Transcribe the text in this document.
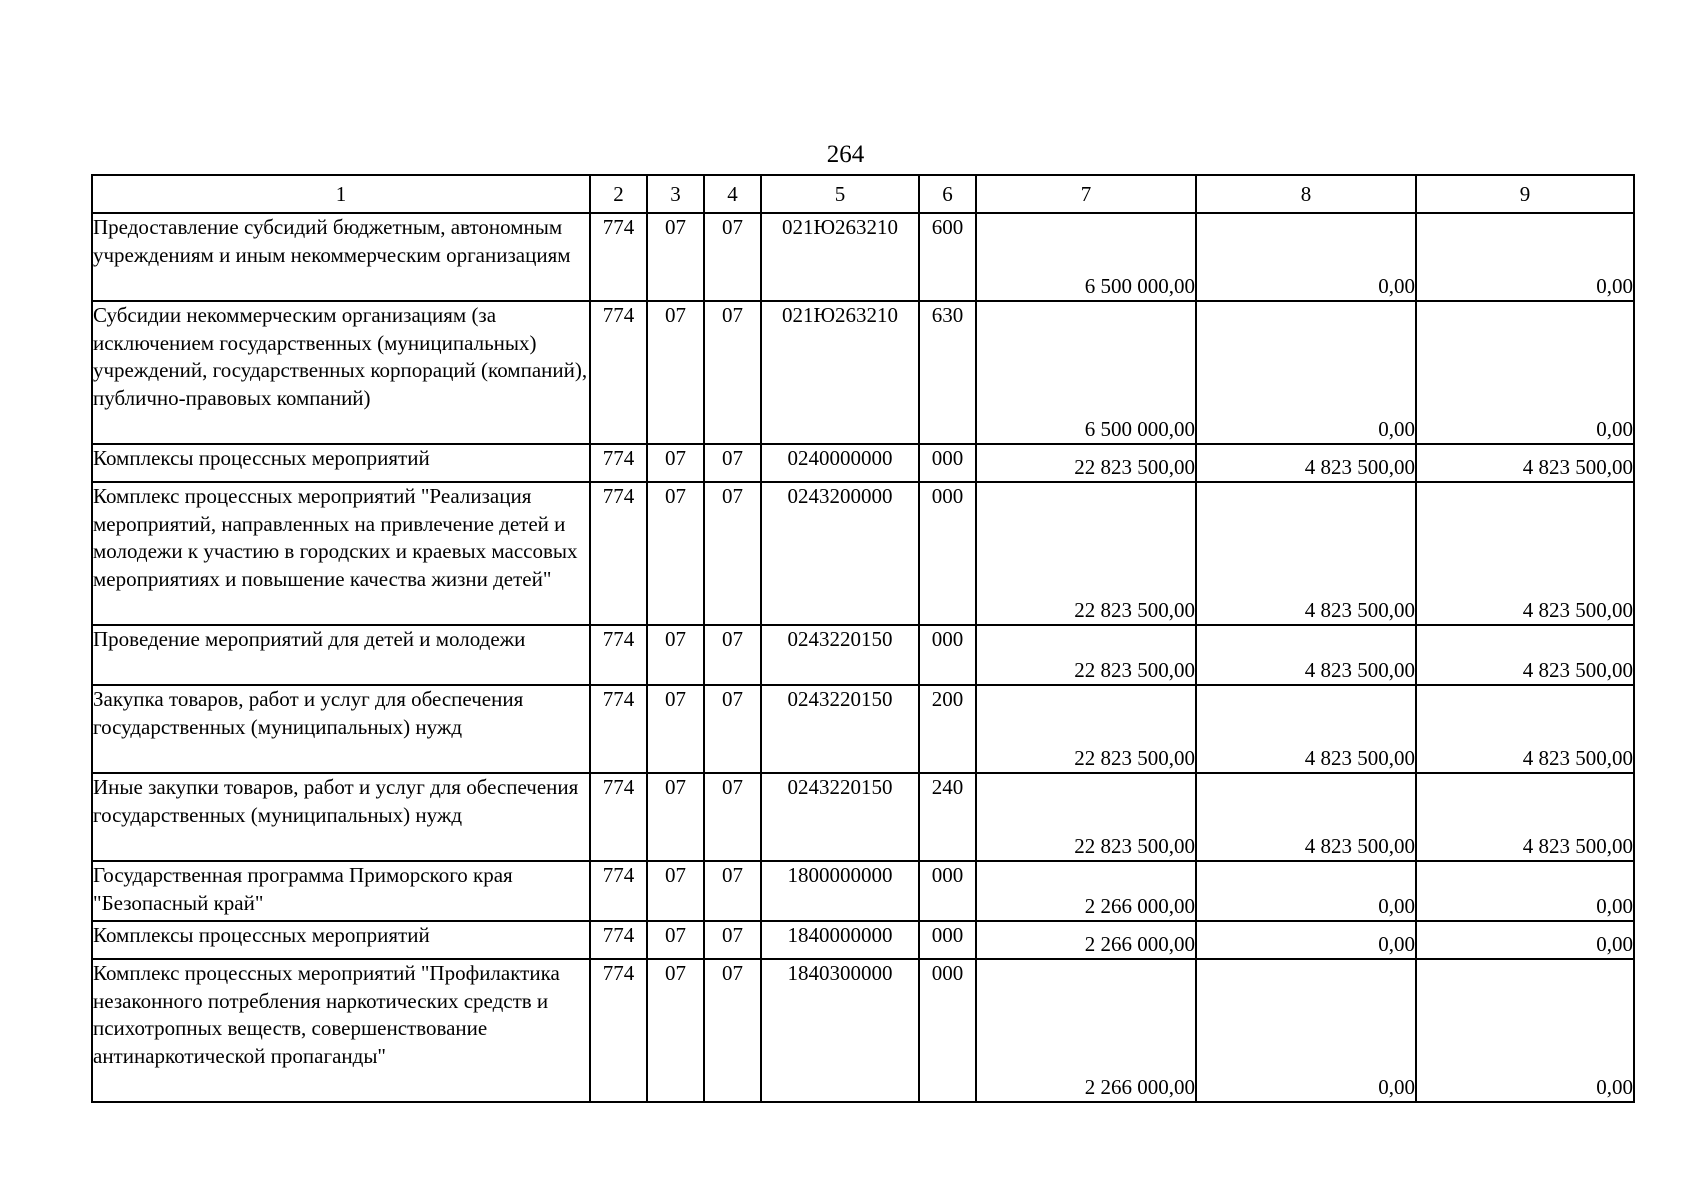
264
1	2	3	4	5	6	7	8	9
Предоставление субсидий бюджетным, автономным учреждениям и иным некоммерческим организациям	774	07	07	021Ю263210	600	6 500 000,00	0,00	0,00
Субсидии некоммерческим организациям (за исключением государственных (муниципальных) учреждений, государственных корпораций (компаний), публично-правовых компаний)	774	07	07	021Ю263210	630	6 500 000,00	0,00	0,00
Комплексы процессных мероприятий	774	07	07	0240000000	000	22 823 500,00	4 823 500,00	4 823 500,00
Комплекс процессных мероприятий "Реализация мероприятий, направленных на привлечение детей и молодежи к участию в городских и краевых массовых мероприятиях и повышение качества жизни детей"	774	07	07	0243200000	000	22 823 500,00	4 823 500,00	4 823 500,00
Проведение мероприятий для детей и молодежи	774	07	07	0243220150	000	22 823 500,00	4 823 500,00	4 823 500,00
Закупка товаров, работ и услуг для обеспечения государственных (муниципальных) нужд	774	07	07	0243220150	200	22 823 500,00	4 823 500,00	4 823 500,00
Иные закупки товаров, работ и услуг для обеспечения государственных (муниципальных) нужд	774	07	07	0243220150	240	22 823 500,00	4 823 500,00	4 823 500,00
Государственная программа Приморского края "Безопасный край"	774	07	07	1800000000	000	2 266 000,00	0,00	0,00
Комплексы процессных мероприятий	774	07	07	1840000000	000	2 266 000,00	0,00	0,00
Комплекс процессных мероприятий "Профилактика незаконного потребления наркотических средств и психотропных веществ, совершенствование антинаркотической пропаганды"	774	07	07	1840300000	000	2 266 000,00	0,00	0,00
